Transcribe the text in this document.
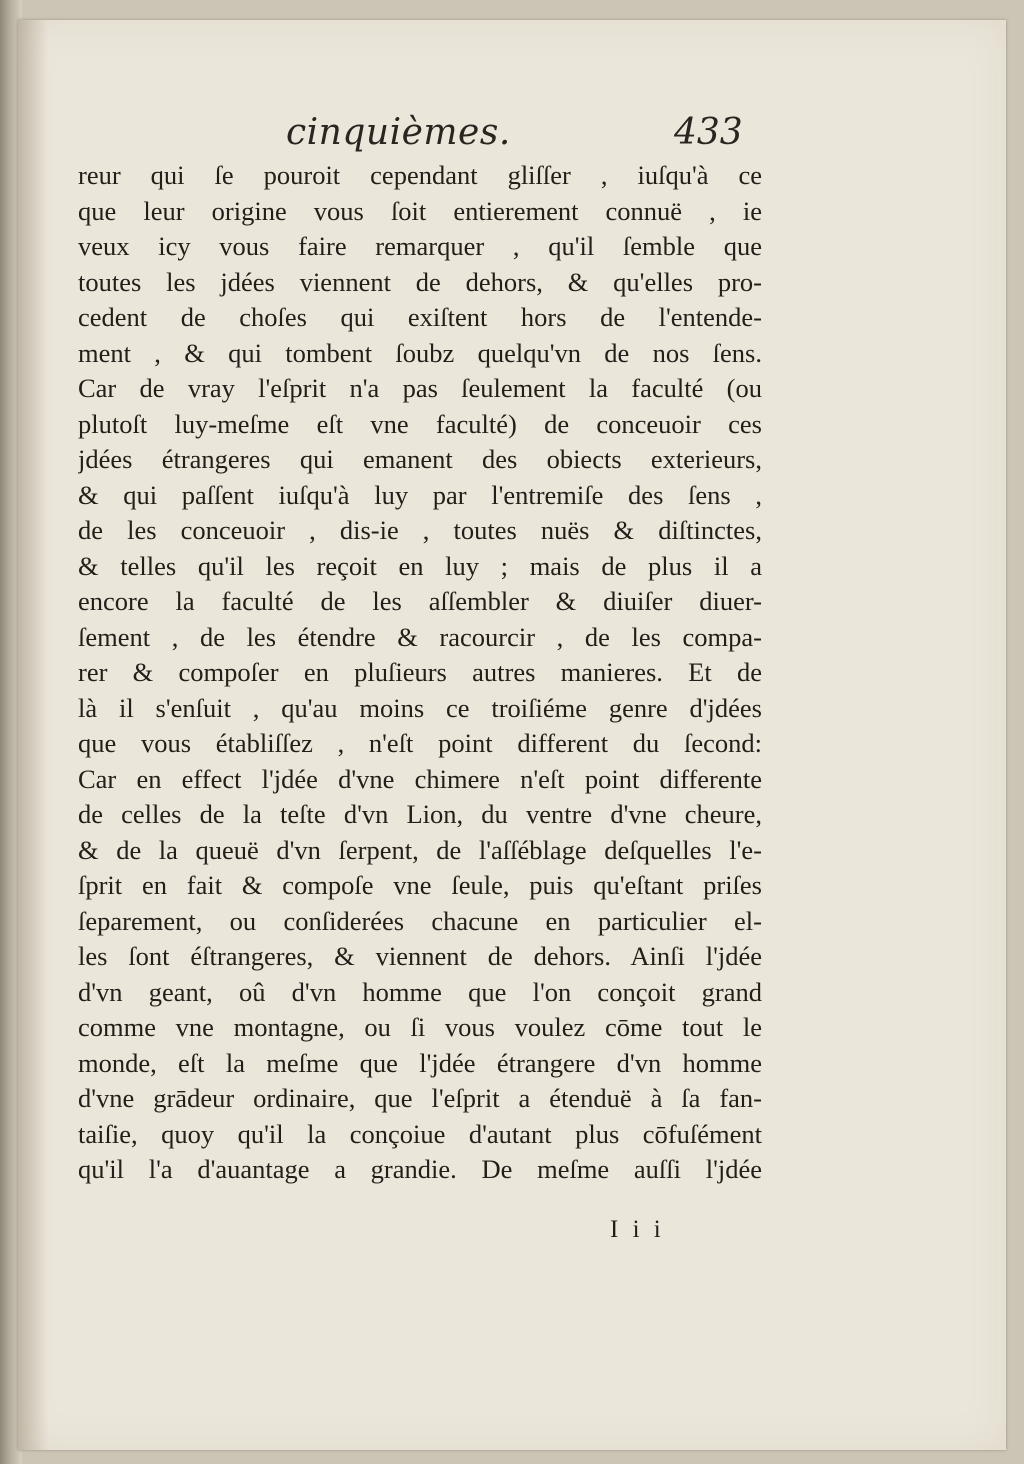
cinquièmes.	433
reur qui ſe pouroit cependant gliſſer , iuſqu'à ce
que leur origine vous ſoit entierement connuë , ie
veux icy vous faire remarquer , qu'il ſemble que
toutes les jdées viennent de dehors, & qu'elles pro-
cedent de choſes qui exiſtent hors de l'entende-
ment , & qui tombent ſoubz quelqu'vn de nos ſens.
Car de vray l'eſprit n'a pas ſeulement la faculté (ou
plutoſt luy-meſme eſt vne faculté) de conceuoir ces
jdées étrangeres qui emanent des obiects exterieurs,
& qui paſſent iuſqu'à luy par l'entremiſe des ſens ,
de les conceuoir , dis-ie , toutes nuës & diſtinctes,
& telles qu'il les reçoit en luy ; mais de plus il a
encore la faculté de les aſſembler & diuiſer diuer-
ſement , de les étendre & racourcir , de les compa-
rer & compoſer en pluſieurs autres manieres. Et de
là il s'enſuit , qu'au moins ce troiſiéme genre d'jdées
que vous établiſſez , n'eſt point different du ſecond:
Car en effect l'jdée d'vne chimere n'eſt point differente
de celles de la teſte d'vn Lion, du ventre d'vne cheure,
& de la queuë d'vn ſerpent, de l'aſſéblage deſquelles l'e-
ſprit en fait & compoſe vne ſeule, puis qu'eſtant priſes
ſeparement, ou conſiderées chacune en particulier el-
les ſont éſtrangeres, & viennent de dehors. Ainſi l'jdée
d'vn geant, oû d'vn homme que l'on conçoit grand
comme vne montagne, ou ſi vous voulez cōme tout le
monde, eſt la meſme que l'jdée étrangere d'vn homme
d'vne grādeur ordinaire, que l'eſprit a étenduë à ſa fan-
taiſie, quoy qu'il la conçoiue d'autant plus cōfuſément
qu'il l'a d'auantage a grandie. De meſme auſſi l'jdée
I i i
